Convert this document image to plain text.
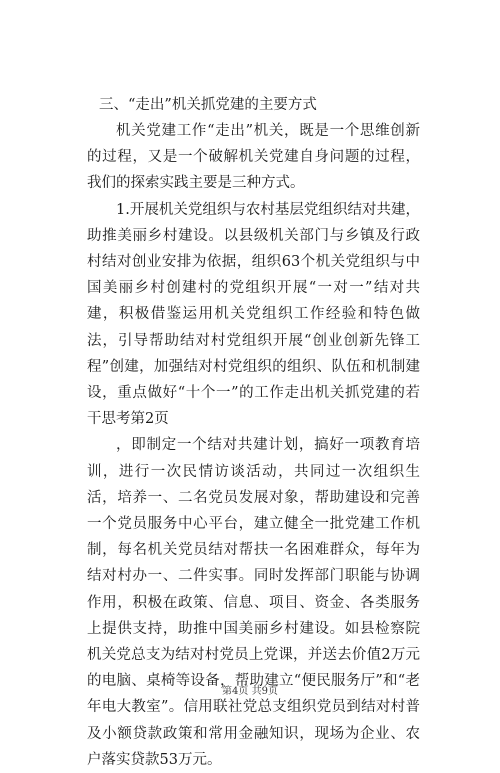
三、“走出”机关抓党建的主要方式

机关党建工作“走出”机关，既是一个思维创新的过程，又是一个破解机关党建自身问题的过程，我们的探索实践主要是三种方式。

1.开展机关党组织与农村基层党组织结对共建，助推美丽乡村建设。以县级机关部门与乡镇及行政村结对创业安排为依据，组织63个机关党组织与中国美丽乡村创建村的党组织开展“一对一”结对共建，积极借鉴运用机关党组织工作经验和特色做法，引导帮助结对村党组织开展“创业创新先锋工程”创建，加强结对村党组织的组织、队伍和机制建设，重点做好“十个一”的工作走出机关抓党建的若干思考第2页

，即制定一个结对共建计划，搞好一项教育培训，进行一次民情访谈活动，共同过一次组织生活，培养一、二名党员发展对象，帮助建设和完善一个党员服务中心平台，建立健全一批党建工作机制，每名机关党员结对帮扶一名困难群众，每年为结对村办一、二件实事。同时发挥部门职能与协调作用，积极在政策、信息、项目、资金、各类服务上提供支持，助推中国美丽乡村建设。如县检察院机关党总支为结对村党员上党课，并送去价值2万元的电脑、桌椅等设备，帮助建立“便民服务厅”和“老年电大教室”。信用联社党总支组织党员到结对村普及小额贷款政策和常用金融知识，现场为企业、农户落实贷款53万元。

第4页 共9页
